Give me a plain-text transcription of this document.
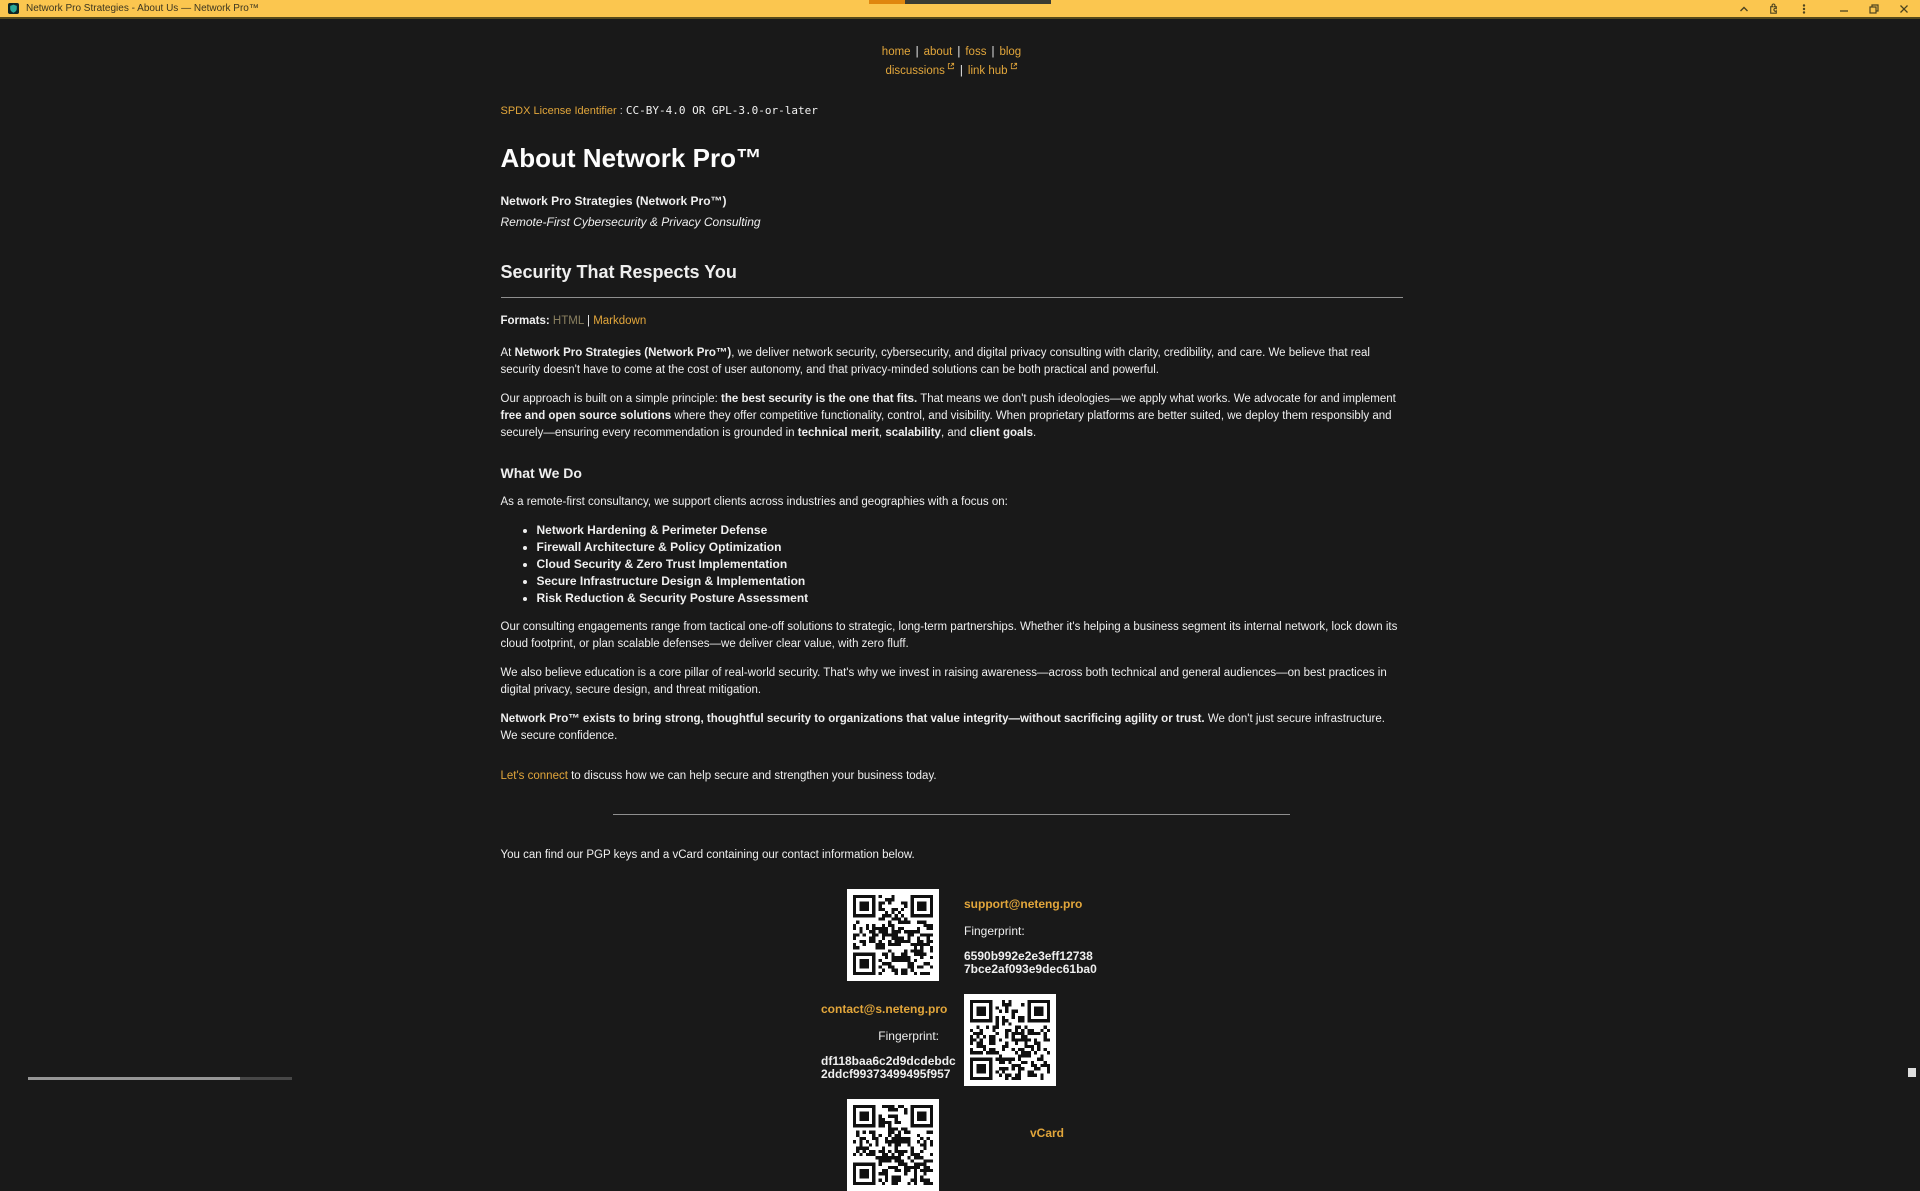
Network Pro Strategies - About Us — Network Pro™
home | about | foss | blog
discussions | link hub
SPDX License Identifier : CC-BY-4.0 OR GPL-3.0-or-later
About Network Pro™
Network Pro Strategies (Network Pro™)
Remote-First Cybersecurity & Privacy Consulting
Security That Respects You
Formats: HTML | Markdown

At Network Pro Strategies (Network Pro™), we deliver network security, cybersecurity, and digital privacy consulting with clarity, credibility, and care. We believe that real security doesn't have to come at the cost of user autonomy, and that privacy-minded solutions can be both practical and powerful.

Our approach is built on a simple principle: the best security is the one that fits. That means we don't push ideologies—we apply what works. We advocate for and implement free and open source solutions where they offer competitive functionality, control, and visibility. When proprietary platforms are better suited, we deploy them responsibly and securely—ensuring every recommendation is grounded in technical merit, scalability, and client goals.

What We Do

As a remote-first consultancy, we support clients across industries and geographies with a focus on:

• Network Hardening & Perimeter Defense
• Firewall Architecture & Policy Optimization
• Cloud Security & Zero Trust Implementation
• Secure Infrastructure Design & Implementation
• Risk Reduction & Security Posture Assessment

Our consulting engagements range from tactical one-off solutions to strategic, long-term partnerships. Whether it's helping a business segment its internal network, lock down its cloud footprint, or plan scalable defenses—we deliver clear value, with zero fluff.

We also believe education is a core pillar of real-world security. That's why we invest in raising awareness—across both technical and general audiences—on best practices in digital privacy, secure design, and threat mitigation.

Network Pro™ exists to bring strong, thoughtful security to organizations that value integrity—without sacrificing agility or trust. We don't just secure infrastructure. We secure confidence.

Let's connect to discuss how we can help secure and strengthen your business today.

You can find our PGP keys and a vCard containing our contact information below.

support@neteng.pro
Fingerprint:
6590b992e2e3eff12738
7bce2af093e9dec61ba0
contact@s.neteng.pro
Fingerprint:
df118baa6c2d9dcdebdc
2ddcf99373499495f957
vCard
